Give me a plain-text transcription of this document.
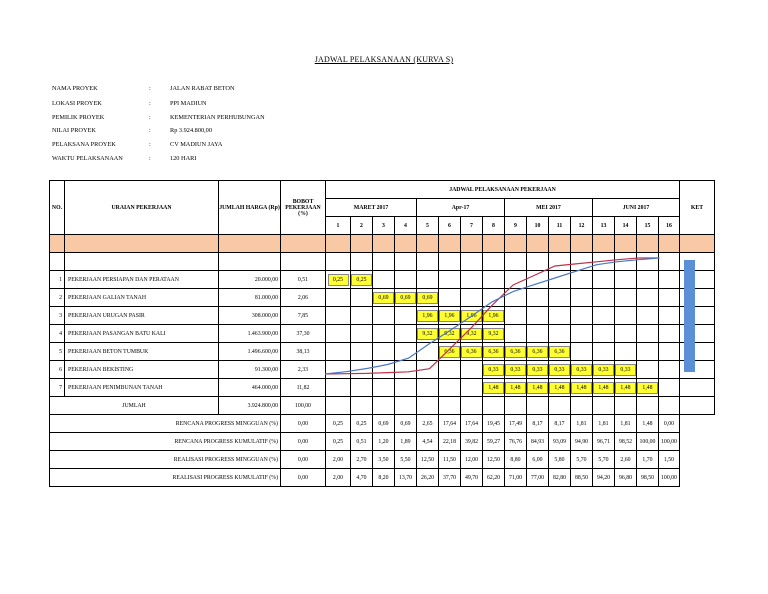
JADWAL PELAKSANAAN (KURVA S)
NAMA PROYEK	:	JALAN RABAT BETON
LOKASI PROYEK	:	PPI MADIUN
PEMILIK PROYEK	:	KEMENTERIAN PERHUBUNGAN
NILAI PROYEK	:	Rp 3.924.800,00
PELAKSANA PROYEK	:	CV MADIUN JAYA
WAKTU PELAKSANAAN	:	120 HARI
NO.	URAIAN PEKERJAAN	JUMLAH HARGA (Rp)	BOBOT PEKERJAAN (%)	JADWAL PELAKSANAAN PEKERJAAN																KET
				MARET 2017				Apr-17				MEI 2017				JUNI 2017				
				1	2	3	4	5	6	7	8	9	10	11	12	13	14	15	16	

1	PEKERJAAN PERSIAPAN DAN PERATAAN	20.000,00	0,51	0,25	0,25															
2	PEKERJAAN GALIAN TANAH	81.000,00	2,06			0,69	0,69	0,69												
3	PEKERJAAN URUGAN PASIR	308.000,00	7,85					1,96	1,96	1,96	1,96									
4	PEKERJAAN PASANGAN BATU KALI	1.463.900,00	37,30					9,32	9,32	9,32	9,32									
5	PEKERJAAN BETON TUMBUK	1.496.600,00	38,13						6,36	6,36	6,36	6,36	6,36	6,36						
6	PEKERJAAN BEKISTING	91.300,00	2,33								0,33	0,33	0,33	0,33	0,33	0,33	0,33			
7	PEKERJAAN PENIMBUNAN TANAH	464.000,00	11,82								1,48	1,48	1,48	1,48	1,48	1,48	1,48	1,48		
JUMLAH		3.924.800,00	100,00																	
RENCANA PROGRESS MINGGUAN (%)			0,00	0,25	0,25	0,69	0,69	2,65	17,64	17,64	19,45	17,49	8,17	8,17	1,81	1,81	1,81	1,48	0,00	
RENCANA PROGRESS KUMULATIF (%)			0,00	0,25	0,51	1,20	1,89	4,54	22,18	39,82	59,27	76,76	84,93	93,09	94,90	96,71	98,52	100,00	100,00	
REALISASI PROGRESS MINGGUAN (%)			0,00	2,00	2,70	3,50	5,50	12,50	11,50	12,00	12,50	8,80	6,00	5,80	5,70	5,70	2,60	1,70	1,50	
REALISASI PROGRESS KUMULATIF (%)			0,00	2,00	4,70	8,20	13,70	26,20	37,70	49,70	62,20	71,00	77,00	82,80	88,50	94,20	96,80	98,50	100,00	
